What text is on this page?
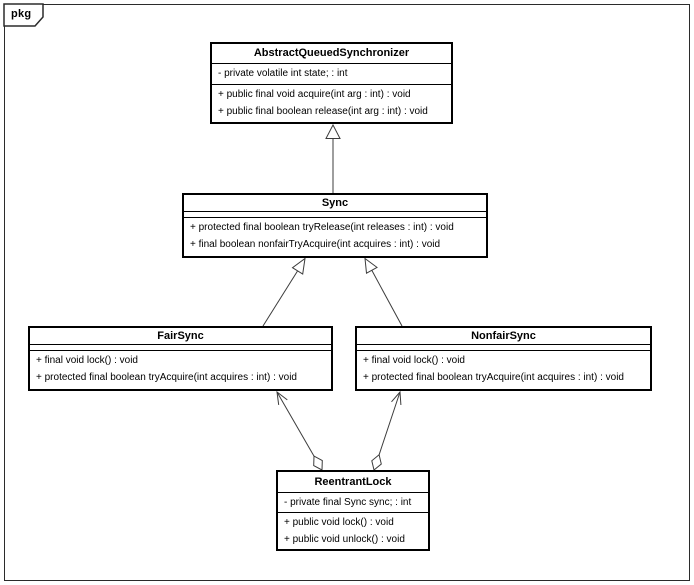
pkg
AbstractQueuedSynchronizer
- private volatile int state; : int
+ public final void acquire(int arg : int) : void
+ public final boolean release(int arg : int) : void
Sync
+ protected final boolean tryRelease(int releases : int) : void
+ final boolean nonfairTryAcquire(int acquires : int) : void
FairSync
+ final void lock() : void
+ protected final boolean tryAcquire(int acquires : int) : void
NonfairSync
+ final void lock() : void
+ protected final boolean tryAcquire(int acquires : int) : void
ReentrantLock
- private final Sync sync; : int
+ public void lock() : void
+ public void unlock() : void
